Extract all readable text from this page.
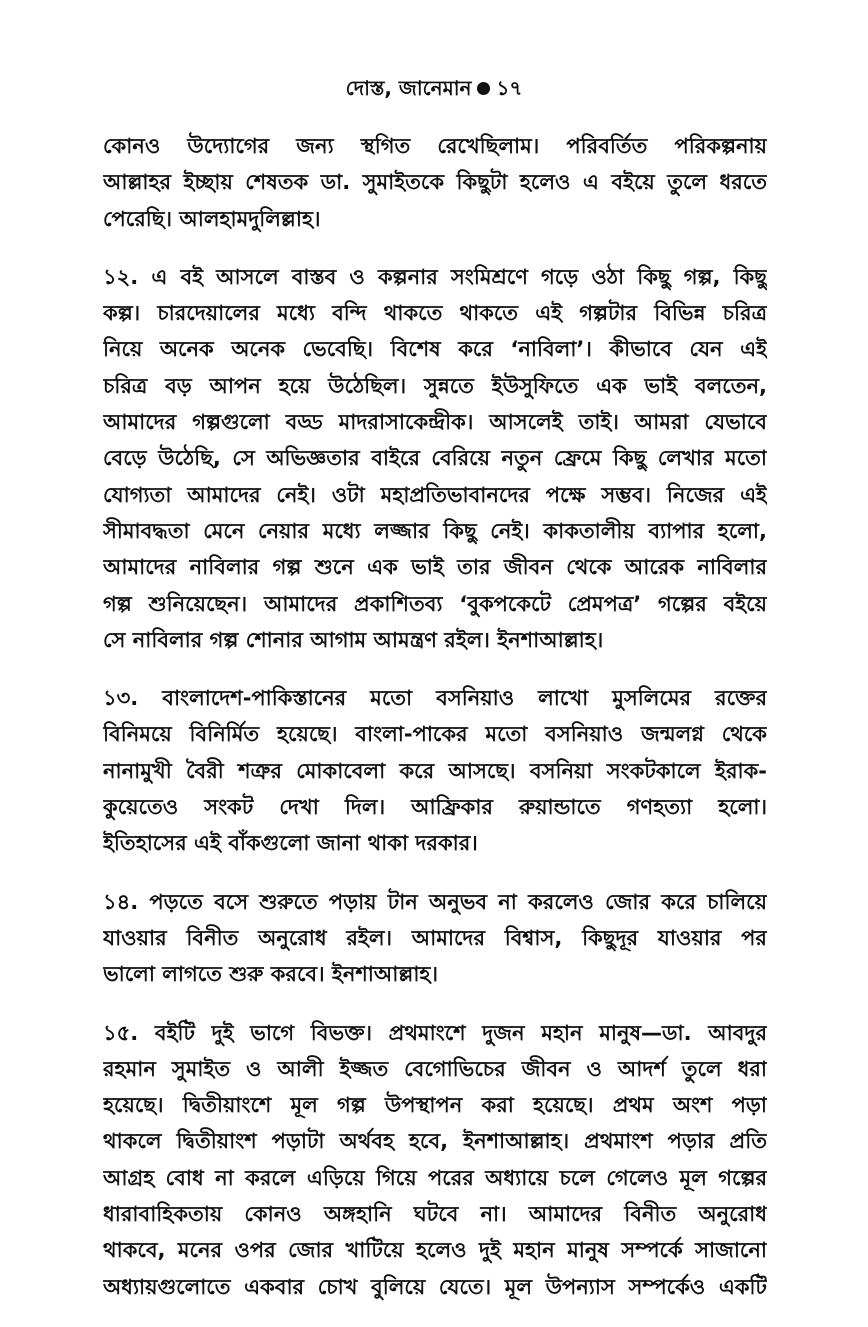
দোস্ত, জানেমান ১৭
কোনও উদ্যোগের জন্য স্থগিত রেখেছিলাম। পরিবর্তিত পরিকল্পনায়
আল্লাহর ইচ্ছায় শেষতক ডা. সুমাইতকে কিছুটা হলেও এ বইয়ে তুলে ধরতে
পেরেছি। আলহামদুলিল্লাহ।
১২. এ বই আসলে বাস্তব ও কল্পনার সংমিশ্রণে গড়ে ওঠা কিছু গল্প, কিছু
কল্প। চারদেয়ালের মধ্যে বন্দি থাকতে থাকতে এই গল্পটার বিভিন্ন চরিত্র
নিয়ে অনেক অনেক ভেবেছি। বিশেষ করে ‘নাবিলা’। কীভাবে যেন এই
চরিত্র বড় আপন হয়ে উঠেছিল। সুন্নতে ইউসুফিতে এক ভাই বলতেন,
আমাদের গল্পগুলো বড্ড মাদরাসাকেন্দ্রীক। আসলেই তাই। আমরা যেভাবে
বেড়ে উঠেছি, সে অভিজ্ঞতার বাইরে বেরিয়ে নতুন ফ্রেমে কিছু লেখার মতো
যোগ্যতা আমাদের নেই। ওটা মহাপ্রতিভাবানদের পক্ষে সম্ভব। নিজের এই
সীমাবদ্ধতা মেনে নেয়ার মধ্যে লজ্জার কিছু নেই। কাকতালীয় ব্যাপার হলো,
আমাদের নাবিলার গল্প শুনে এক ভাই তার জীবন থেকে আরেক নাবিলার
গল্প শুনিয়েছেন। আমাদের প্রকাশিতব্য ‘বুকপকেটে প্রেমপত্র’ গল্পের বইয়ে
সে নাবিলার গল্প শোনার আগাম আমন্ত্রণ রইল। ইনশাআল্লাহ।
১৩. বাংলাদেশ-পাকিস্তানের মতো বসনিয়াও লাখো মুসলিমের রক্তের
বিনিময়ে বিনির্মিত হয়েছে। বাংলা-পাকের মতো বসনিয়াও জন্মলগ্ন থেকে
নানামুখী বৈরী শত্রুর মোকাবেলা করে আসছে। বসনিয়া সংকটকালে ইরাক-
কুয়েতেও সংকট দেখা দিল। আফ্রিকার রুয়ান্ডাতে গণহত্যা হলো।
ইতিহাসের এই বাঁকগুলো জানা থাকা দরকার।
১৪. পড়তে বসে শুরুতে পড়ায় টান অনুভব না করলেও জোর করে চালিয়ে
যাওয়ার বিনীত অনুরোধ রইল। আমাদের বিশ্বাস, কিছুদূর যাওয়ার পর
ভালো লাগতে শুরু করবে। ইনশাআল্লাহ।
১৫. বইটি দুই ভাগে বিভক্ত। প্রথমাংশে দুজন মহান মানুষ—ডা. আবদুর
রহমান সুমাইত ও আলী ইজ্জত বেগোভিচের জীবন ও আদর্শ তুলে ধরা
হয়েছে। দ্বিতীয়াংশে মূল গল্প উপস্থাপন করা হয়েছে। প্রথম অংশ পড়া
থাকলে দ্বিতীয়াংশ পড়াটা অর্থবহ হবে, ইনশাআল্লাহ। প্রথমাংশ পড়ার প্রতি
আগ্রহ বোধ না করলে এড়িয়ে গিয়ে পরের অধ্যায়ে চলে গেলেও মূল গল্পের
ধারাবাহিকতায় কোনও অঙ্গহানি ঘটবে না। আমাদের বিনীত অনুরোধ
থাকবে, মনের ওপর জোর খাটিয়ে হলেও দুই মহান মানুষ সম্পর্কে সাজানো
অধ্যায়গুলোতে একবার চোখ বুলিয়ে যেতে। মূল উপন্যাস সম্পর্কেও একটি
